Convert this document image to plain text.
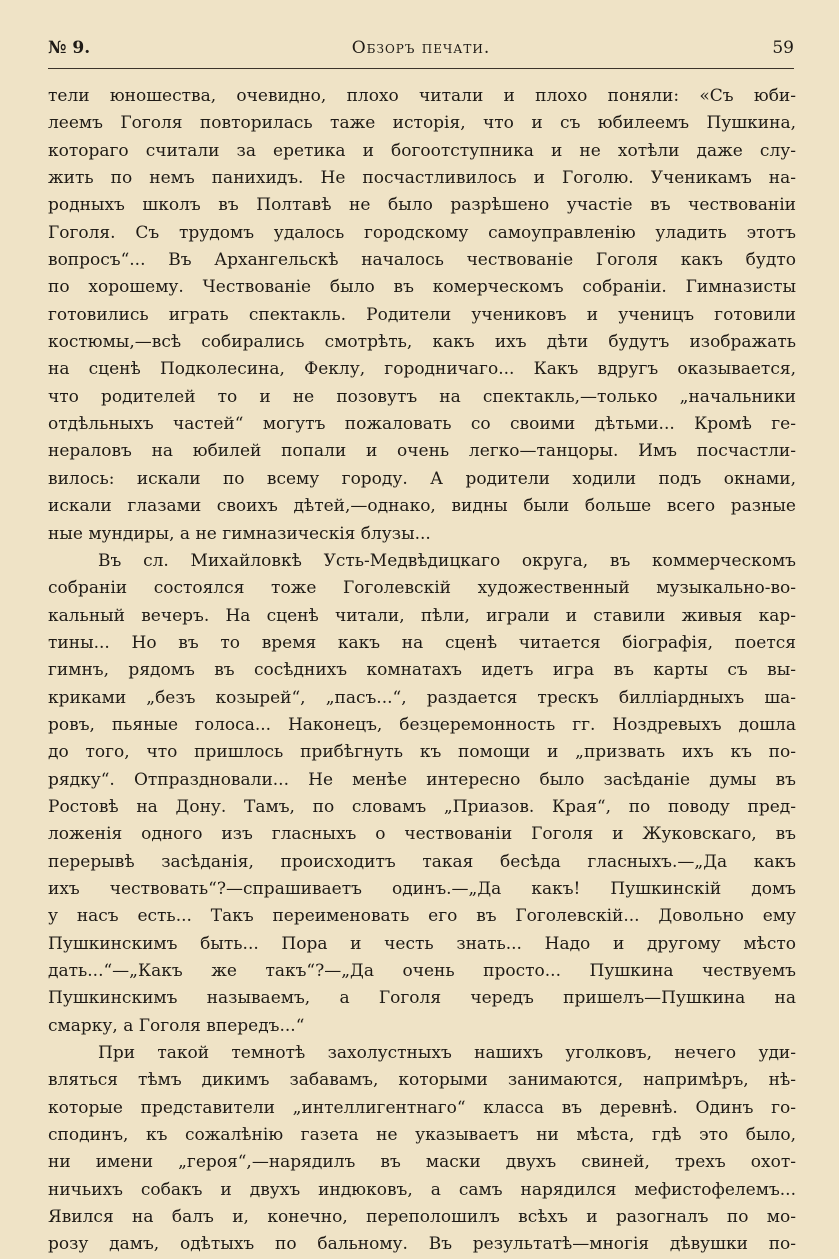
№ 9.	Обзоръ печати.	59
тели юношества, очевидно, плохо читали и плохо поняли: «Съ юби-
леемъ Гоголя повторилась таже исторія, что и съ юбилеемъ Пушкина,
котораго считали за еретика и богоотступника и не хотѣли даже слу-
жить по немъ панихидъ. Не посчастливилось и Гоголю. Ученикамъ на-
родныхъ школъ въ Полтавѣ не было разрѣшено участіе въ чествованіи
Гоголя. Съ трудомъ удалось городскому самоуправленію уладить этотъ
вопросъ“... Въ Архангельскѣ началось чествованіе Гоголя какъ будто
по хорошему. Чествованіе было въ комерческомъ собраніи. Гимназисты
готовились играть спектакль. Родители учениковъ и ученицъ готовили
костюмы,—всѣ собирались смотрѣть, какъ ихъ дѣти будутъ изображать
на сценѣ Подколесина, Феклу, городничаго... Какъ вдругъ оказывается,
что родителей то и не позовутъ на спектакль,—только „начальники
отдѣльныхъ частей“ могутъ пожаловать со своими дѣтьми... Кромѣ ге-
нераловъ на юбилей попали и очень легко—танцоры. Имъ посчастли-
вилось: искали по всему городу. А родители ходили подъ окнами,
искали глазами своихъ дѣтей,—однако, видны были больше всего разные
ные мундиры, а не гимназическія блузы...
Въ сл. Михайловкѣ Усть-Медвѣдицкаго округа, въ коммерческомъ
собраніи состоялся тоже Гоголевскій художественный музыкально-во-
кальный вечеръ. На сценѣ читали, пѣли, играли и ставили живыя кар-
тины... Но въ то время какъ на сценѣ читается біографія, поется
гимнъ, рядомъ въ сосѣднихъ комнатахъ идетъ игра въ карты съ вы-
криками „безъ козырей“, „пасъ...“, раздается трескъ билліардныхъ ша-
ровъ, пьяные голоса... Наконецъ, безцеремонность гг. Ноздревыхъ дошла
до того, что пришлось прибѣгнуть къ помощи и „призвать ихъ къ по-
рядку“. Отпраздновали... Не менѣе интересно было засѣданіе думы въ
Ростовѣ на Дону. Тамъ, по словамъ „Приазов. Края“, по поводу пред-
ложенія одного изъ гласныхъ о чествованіи Гоголя и Жуковскаго, въ
перерывѣ засѣданія, происходитъ такая бесѣда гласныхъ.—„Да какъ
ихъ чествовать“?—спрашиваетъ одинъ.—„Да какъ! Пушкинскій домъ
у насъ есть... Такъ переименовать его въ Гоголевскій... Довольно ему
Пушкинскимъ быть... Пора и честь знать... Надо и другому мѣсто
дать...“—„Какъ же такъ“?—„Да очень просто... Пушкина чествуемъ
Пушкинскимъ называемъ, а Гоголя чередъ пришелъ—Пушкина на
смарку, а Гоголя впередъ...“
При такой темнотѣ захолустныхъ нашихъ уголковъ, нечего уди-
вляться тѣмъ дикимъ забавамъ, которыми занимаются, напримѣръ, нѣ-
которые представители „интеллигентнаго“ класса въ деревнѣ. Одинъ го-
сподинъ, къ сожалѣнію газета не указываетъ ни мѣста, гдѣ это было,
ни имени „героя“,—нарядилъ въ маски двухъ свиней, трехъ охот-
ничьихъ собакъ и двухъ индюковъ, а самъ нарядился мефистофелемъ...
Явился на балъ и, конечно, переполошилъ всѣхъ и разогналъ по мо-
розу дамъ, одѣтыхъ по бальному. Въ результатѣ—многія дѣвушки по-
